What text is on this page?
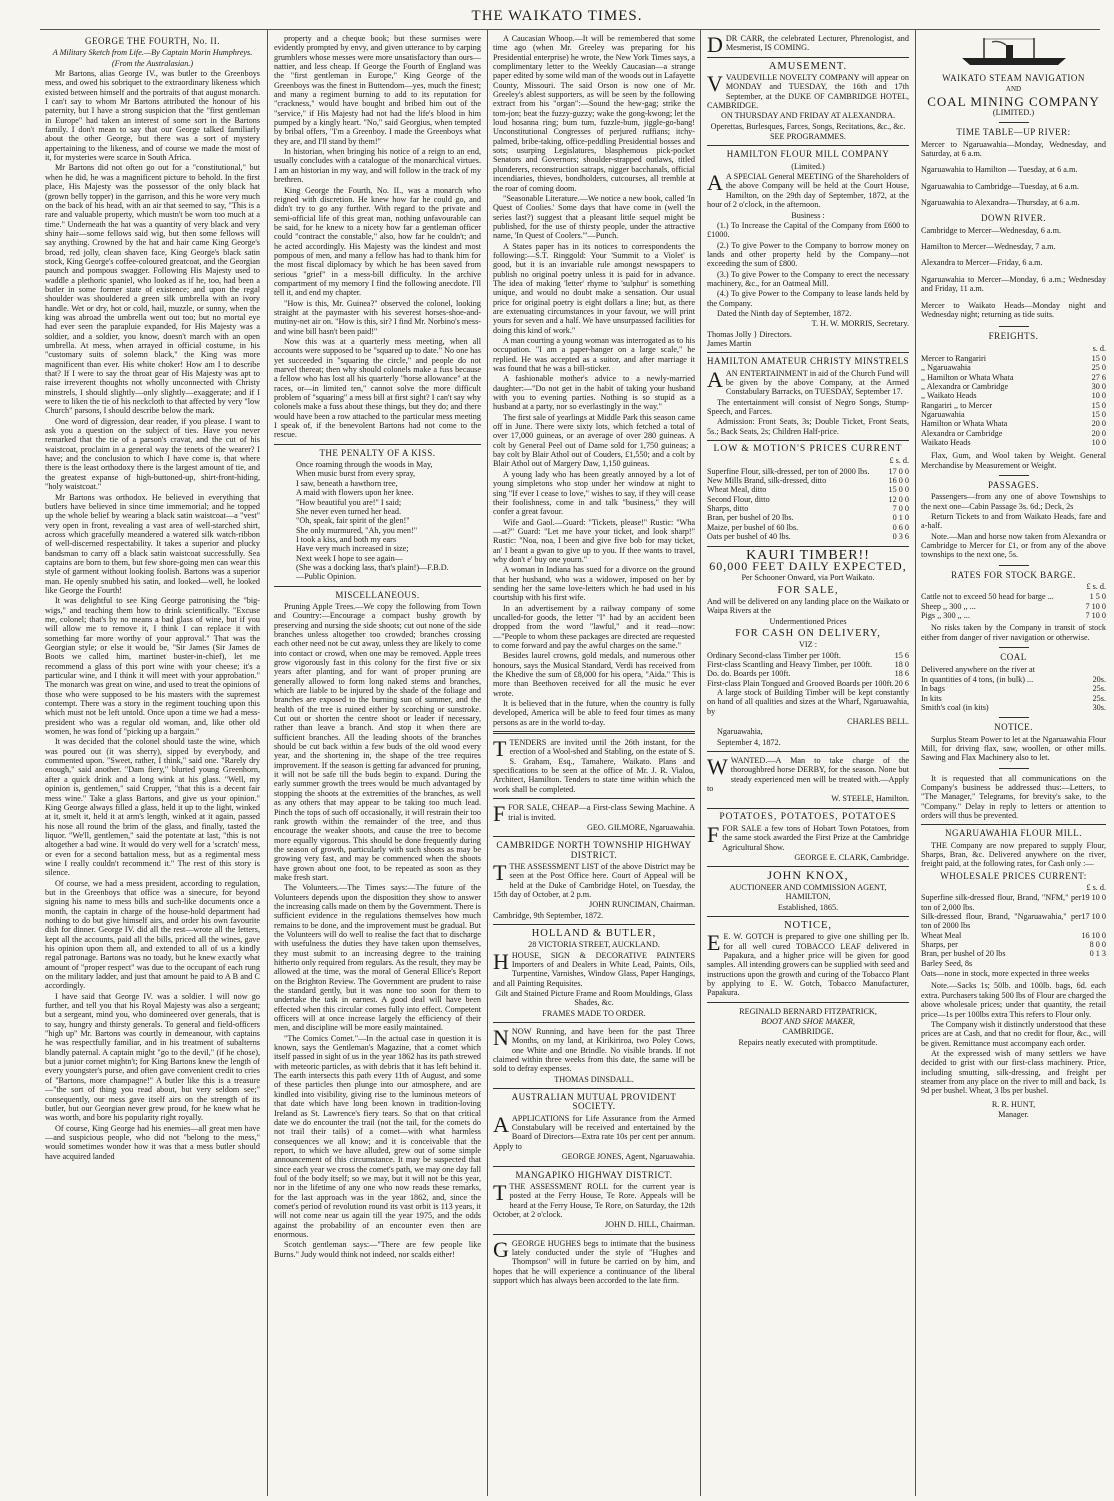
THE WAIKATO TIMES.

GEORGE THE FOURTH, No. II.

A Military Sketch from Life.—By Captain Morin Humphreys.

(From the Australasian.)

Mr Bartons, alias George IV., was butler to the Greenboys mess, and owed his sobriquet to the extraordinary likeness which existed between himself and the portraits of that august monarch. I can't say to whom Mr Bartons attributed the honour of his paternity, but I have a strong suspicion that the "first gentleman in Europe" had taken an interest of some sort in the Bartons family. I don't mean to say that our George talked familiarly about the other George, but there was a sort of mystery appertaining to the likeness, and of course we made the most of it, for mysteries were scarce in South Africa.

Mr Bartons did not often go out for a "constitutional," but when he did, he was a magnificent picture to behold. In the first place, His Majesty was the possessor of the only black hat (grown belly topper) in the garrison, and this he wore very much on the back of his head, with an air that seemed to say, "This is a rare and valuable property, which mustn't be worn too much at a time." Underneath the hat was a quantity of very black and very shiny hair—some fellows said wig, but then some fellows will say anything. Crowned by the hat and hair came King George's broad, red jolly, clean shaven face, King George's black satin stock, King George's coffee-coloured greatcoat, and the Georgian paunch and pompous swagger. Following His Majesty used to waddle a plethoric spaniel, who looked as if he, too, had been a butler in some former state of existence; and upon the regal shoulder was shouldered a green silk umbrella with an ivory handle. Wet or dry, hot or cold, hail, muzzle, or sunny, when the king was abroad the umbrella went out too; but no mortal eye had ever seen the parapluie expanded, for His Majesty was a soldier, and a soldier, you know, doesn't march with an open umbrella. At mess, when arrayed in official costume, in his "customary suits of solemn black," the King was more magnificent than ever. His white choker! How am I to describe that? If I were to say the throat gear of His Majesty was apt to raise irreverent thoughts not wholly unconnected with Christy minstrels, I should slightly—only slightly—exaggerate; and if I were to liken the tie of his neckcloth to that affected by very "low Church" parsons, I should describe below the mark.

One word of digression, dear reader, if you please. I want to ask you a question on the subject of ties. Have you never remarked that the tie of a parson's cravat, and the cut of his waistcoat, proclaim in a general way the tenets of the wearer? I have; and the conclusion to which I have come is, that where there is the least orthodoxy there is the largest amount of tie, and the greatest expanse of high-buttoned-up, shirt-front-hiding, "holy waistcoat."

Mr Bartons was orthodox. He believed in everything that butlers have believed in since time immemorial; and he topped up the whole belief by wearing a black satin waistcoat—a "vest" very open in front, revealing a vast area of well-starched shirt, across which gracefully meandered a watered silk watch-ribbon of well-discerned respectability. It takes a superior and plucky bandsman to carry off a black satin waistcoat successfully. Sea captains are born to them, but few shore-going men can wear this style of garment without looking foolish. Bartons was a superior man. He openly snubbed his satin, and looked—well, he looked like George the Fourth!

It was delightful to see King George patronising the "big-wigs," and teaching them how to drink scientifically. "Excuse me, colonel; that's by no means a bad glass of wine, but if you will allow me to remove it, I think I can replace it with something far more worthy of your approval." That was the Georgian style; or else it would be, "Sir James (Sir James de Boots we called him, martinet buster-in-chief), let me recommend a glass of this port wine with your cheese; it's a particular wine, and I think it will meet with your approbation." The monarch was great on wine, and used to treat the opinions of those who were supposed to be his masters with the supremest contempt. There was a story in the regiment touching upon this which must not be left untold. Once upon a time we had a mess-president who was a regular old woman, and, like other old women, he was fond of "picking up a bargain."

It was decided that the colonel should taste the wine, which was poured out (it was sherry), sipped by everybody, and commented upon. "Sweet, rather, I think," said one. "Rarely dry enough," said another. "Dam fiery," blurted young Greenhorn, after a quick drink and a long wink at his glass. "Well, my opinion is, gentlemen," said Crupper, "that this is a decent fair mess wine." Take a glass Bartons, and give us your opinion." King George always filled a glass, held it up to the light, winked at it, smelt it, held it at arm's length, winked at it again, passed his nose all round the brim of the glass, and finally, tasted the liquor. "We'll, gentlemen," said the potentate at last, "this is not altogether a bad wine. It would do very well for a 'scratch' mess, or even for a second battalion mess, but as a regimental mess wine I really couldn't recommend it." The rest of this story is silence.

Of course, we had a mess president, according to regulation, but in the Greenboys that office was a sinecure, for beyond signing his name to mess bills and such-like documents once a month, the captain in charge of the house-hold department had nothing to do but give himself airs, and order his own favourite dish for dinner. George IV. did all the rest—wrote all the letters, kept all the accounts, paid all the bills, priced all the wines, gave his opinion upon them all, and extended to all of us a kindly regal patronage. Bartons was no toady, but he knew exactly what amount of "proper respect" was due to the occupant of each rung on the military ladder, and just that amount he paid to A B and C accordingly.

I have said that George IV. was a soldier. I will now go further, and tell you that his Royal Majesty was also a sergeant; but a sergeant, mind you, who domineered over generals, that is to say, hungry and thirsty generals. To general and field-officers "high up" Mr. Bartons was courtly in demeanour, with captains he was respectfully familiar, and in his treatment of subalterns blandly paternal. A captain might "go to the devil," (if he chose), but a junior cornet mightn't; for King Bartons knew the length of every youngster's purse, and often gave convenient credit to cries of "Bartons, more champagne!" A butler like this is a treasure—"the sort of thing you read about, but very seldom see;" consequently, our mess gave itself airs on the strength of its butler, but our Georgian never grew proud, for he knew what he was worth, and bore his popularity right royally.

Of course, King George had his enemies—all great men have—and suspicious people, who did not "belong to the mess," would sometimes wonder how it was that a mess butler should have acquired landed

property and a cheque book; but these surmises were evidently prompted by envy, and given utterance to by carping grumblers whose messes were more unsatisfactory than ours—nattier, and less cheap. If George the Fourth of England was the "first gentleman in Europe," King George of the Greenboys was the finest in Buttendom—yes, much the finest; and many a regiment burning to add to its reputation for "crackness," would have bought and bribed him out of the "service," if His Majesty had not had the life's blood in him pumped by a kingly heart. "No," said Georgius, when tempted by bribal offers, "I'm a Greenboy. I made the Greenboys what they are, and I'll stand by them!"

In historian, when bringing his notice of a reign to an end, usually concludes with a catalogue of the monarchical virtues. I am an historian in my way, and will follow in the track of my brethren.

King George the Fourth, No. II., was a monarch who reigned with discretion. He knew how far he could go, and didn't try to go any further. With regard to the private and semi-official life of this great man, nothing unfavourable can be said, for he knew to a nicety how far a gentleman officer could "contract the constable," also, how far he couldn't; and he acted accordingly. His Majesty was the kindest and most pompous of men, and many a fellow has had to thank him for the most fiscal diplomacy by which he has been saved from serious "grief" in a mess-bill difficulty. In the archive compartment of my memory I find the following anecdote. I'll tell it, and end my chapter.

"How is this, Mr. Guinea?" observed the colonel, looking straight at the paymaster with his severest horses-shoe-and-mutiny-net air on. "How is this, sir? I find Mr. Norbino's mess-and wine bill hasn't been paid!"

Now this was at a quarterly mess meeting, when all accounts were supposed to be "squared up to date." No one has yet succeeded in "squaring the circle," and people do not marvel thereat; then why should colonels make a fuss because a fellow who has lost all his quarterly "horse allowance" at the races, or—in limited ten," cannot solve the more difficult problem of "squaring" a mess bill at first sight? I can't say why colonels make a fuss about these things, but they do; and there would have been a row attached to the particular mess meeting I speak of, if the benevolent Bartons had not come to the rescue.

THE PENALTY OF A KISS.

Once roaming through the woods in May,
When music burst from every spray,
I saw, beneath a hawthorn tree,
A maid with flowers upon her knee.
"How beautiful you are!" I said;
She never even turned her head.
"Oh, speak, fair spirit of the glen!"
She only murmured, "Ah, you men!"
I took a kiss, and both my ears
Have very much increased in size;
Next week I hope to see again—
(She was a docking lass, that's plain!)—F.B.D.
—Public Opinion.

MISCELLANEOUS.

Pruning Apple Trees.—We copy the following from Town and Country:—Encourage a compact bushy growth by preserving and nursing the side shoots; cut out none of the side branches unless altogether too crowded; branches crossing each other need not be cut away, unless they are likely to come into contact or crowd, when one may be removed. Apple trees grow vigorously fast in this colony for the first five or six years after planting, and for want of proper pruning are generally allowed to form long naked stems and branches, which are liable to be injured by the shade of the foliage and branches are exposed to the burning sun of summer, and the health of the tree is ruined either by scorching or sunstroke. Cut out or shorten the centre shoot or leader if necessary, rather than leave a branch. And stop it when there are sufficient branches. All the leading shoots of the branches should be cut back within a few buds of the old wood every year, and the shortening in, the shape of the tree requires improvement. If the season is getting far advanced for pruning, it will not be safe till the buds begin to expand. During the early summer growth the trees would be much advantaged by stopping the shoots at the extremities of the branches, as well as any others that may appear to be taking too much lead. Pinch the tops of such off occasionally, it will restrain their too rank growth within the remainder of the tree, and thus encourage the weaker shoots, and cause the tree to become more equally vigorous. This should be done frequently during the season of growth, particularly with such shoots as may be growing very fast, and may be commenced when the shoots have grown about one foot, to be repeated as soon as they make fresh start.

The Volunteers.—The Times says:—The future of the Volunteers depends upon the disposition they show to answer the increasing calls made on them by the Government. There is sufficient evidence in the regulations themselves how much remains to be done, and the improvement must be gradual. But the Volunteers will do well to realise the fact that to discharge with usefulness the duties they have taken upon themselves, they must submit to an increasing degree to the training hitherto only required from regulars. As the result, they may be allowed at the time, was the moral of General Ellice's Report on the Brighton Review. The Government are prudent to raise the standard gently, but it was none too soon for them to undertake the task in earnest. A good deal will have been effected when this circular comes fully into effect. Competent officers will at once increase largely the efficiency of their men, and discipline will be more easily maintained.

"The Comics Comet."—In the actual case in question it is known, says the Gentleman's Magazine, that a comet which itself passed in sight of us in the year 1862 has its path strewed with meteoric particles, as with debris that it has left behind it. The earth intersects this path every 11th of August, and some of these particles then plunge into our atmosphere, and are kindled into visibility, giving rise to the luminous meteors of that date which have long been known in tradition-loving Ireland as St. Lawrence's fiery tears. So that on that critical date we do encounter the trail (not the tail, for the comets do not trail their tails) of a comet—with what harmless consequences we all know; and it is conceivable that the report, to which we have alluded, grew out of some simple announcement of this circumstance. It may be suspected that since each year we cross the comet's path, we may one day fall foul of the body itself; so we may, but it will not be this year, nor in the lifetime of any one who now reads these remarks, for the last approach was in the year 1862, and, since the comet's period of revolution round its vast orbit is 113 years, it will not come near us again till the year 1975, and the odds against the probability of an encounter even then are enormous.

Scotch gentleman says:—"There are few people like Burns." Judy would think not indeed, nor scalds either!

A Caucasian Whoop.—It will be remembered that some time ago (when Mr. Greeley was preparing for his Presidential enterprise) he wrote, the New York Times says, a complimentary letter to the Weekly Caucasian—a strange paper edited by some wild man of the woods out in Lafayette County, Missouri. The said Orson is now one of Mr. Greeley's ablest supporters, as will be seen by the following extract from his "organ":—Sound the hew-gag; strike the tom-jon; beat the fuzzy-guzzy; wake the gong-kwong; let the loud hosanna ring; bum tum, fuzzle-bum, jiggle-go-bang! Unconstitutional Congresses of perjured ruffians; itchy-palmed, bribe-taking, office-peddling Presidential bosses and sots; usurping Legislatures, blasphemous pick-pocket Senators and Governors; shoulder-strapped outlaws, titled plunderers, reconstruction satraps, nigger bacchanals, official incendiaries, thieves, bondholders, cutcourses, all tremble at the roar of coming doom.

"Seasonable Literature.—We notice a new book, called 'In Quest of Coolies.' Some days that have come in (well the series last?) suggest that a pleasant little sequel might be published, for the use of thirsty people, under the attractive name, 'In Quest of Coolers.'"—Punch.

A States paper has in its notices to correspondents the following:—S.T. Ringgold: Your 'Summit to a Violet' is good, but it is an invariable rule amongst newspapers to publish no original poetry unless it is paid for in advance. The idea of making 'letter' rhyme to 'sulphur' is something unique, and would no doubt make a sensation. Our usual price for original poetry is eight dollars a line; but, as there are extenuating circumstances in your favour, we will print yours for seven and a half. We have unsurpassed facilities for doing this kind of work."

A man courting a young woman was interrogated as to his occupation. "I am a paper-hanger on a large scale," he replied. He was accepted as a suitor, and after marriage it was found that he was a bill-sticker.

A fashionable mother's advice to a newly-married daughter:—"Do not get in the habit of taking your husband with you to evening parties. Nothing is so stupid as a husband at a party, nor so everlastingly in the way."

The first sale of yearlings at Middle Park this season came off in June. There were sixty lots, which fetched a total of over 17,000 guineas, or an average of over 280 guineas. A colt by General Peel out of Dame sold for 1,750 guineas; a bay colt by Blair Athol out of Couders, £1,550; and a colt by Blair Athol out of Margery Daw, 1,150 guineas.

A young lady who has been greatly annoyed by a lot of young simpletons who stop under her window at night to sing "If ever I cease to love," wishes to say, if they will cease their foolishness, come in and talk "business," they will confer a great favour.

Wife and Gaol.—Guard: "Tickets, please!" Rustic: "Wha—at?" Guard: "Let me have your ticket, and look sharp!" Rustic: "Noa, noa, I been and give five bob for may ticket, an' I beant a gwan to give up to you. If thee wants to travel, why don't e' buy one yourn."

A woman in Indiana has sued for a divorce on the ground that her husband, who was a widower, imposed on her by sending her the same love-letters which he had used in his courtship with his first wife.

In an advertisement by a railway company of some uncalled-for goods, the letter "l" had by an accident been dropped from the word "lawful," and it read—now:—"People to whom these packages are directed are requested to come forward and pay the awful charges on the same."

Besides laurel crowns, gold medals, and numerous other honours, says the Musical Standard, Verdi has received from the Khedive the sum of £8,000 for his opera, "Aida." This is more than Beethoven received for all the music he ever wrote.

It is believed that in the future, when the country is fully developed, America will be able to feed four times as many persons as are in the world to-day.

TTENDERS are invited until the 26th instant, for the erection of a Wool-shed and Stabling, on the estate of S. S. Graham, Esq., Tamahere, Waikato. Plans and specifications to be seen at the office of Mr. J. R. Vialou, Architect, Hamilton. Tenders to state time within which the work shall be completed.

FFOR SALE, CHEAP—a First-class Sewing Machine. A trial is invited.

GEO. GILMORE, Ngaruawahia.

CAMBRIDGE NORTH TOWNSHIP HIGHWAY DISTRICT.

TTHE ASSESSMENT LIST of the above District may be seen at the Post Office here. Court of Appeal will be held at the Duke of Cambridge Hotel, on Tuesday, the 15th day of October, at 2 p.m.

JOHN RUNCIMAN, Chairman.

Cambridge, 9th September, 1872.

HOLLAND & BUTLER,

28 VICTORIA STREET, AUCKLAND.

HHOUSE, SIGN & DECORATIVE PAINTERS Importers of and Dealers in White Lead, Paints, Oils, Turpentine, Varnishes, Window Glass, Paper Hangings, and all Painting Requisites.

Gilt and Stained Picture Frame and Room Mouldings, Glass Shades, &c.

FRAMES MADE TO ORDER.

NNOW Running, and have been for the past Three Months, on my land, at Kirikiriroa, two Poley Cows, one White and one Brindle. No visible brands. If not claimed within three weeks from this date, the same will be sold to defray expenses.

THOMAS DINSDALL.

AUSTRALIAN MUTUAL PROVIDENT SOCIETY.

AAPPLICATIONS for Life Assurance from the Armed Constabulary will be received and entertained by the Board of Directors—Extra rate 10s per cent per annum. Apply to

GEORGE JONES, Agent, Ngaruawahia.

MANGAPIKO HIGHWAY DISTRICT.

TTHE ASSESSMENT ROLL for the current year is posted at the Ferry House, Te Rore. Appeals will be heard at the Ferry House, Te Rore, on Saturday, the 12th October, at 2 o'clock.

JOHN D. HILL, Chairman.

GGEORGE HUGHES begs to intimate that the business lately conducted under the style of "Hughes and Thompson" will in future be carried on by him, and hopes that he will experience a continuance of the liberal support which has always been accorded to the late firm.

DDR CARR, the celebrated Lecturer, Phrenologist, and Mesmerist, IS COMING.

AMUSEMENT.

VVAUDEVILLE NOVELTY COMPANY will appear on MONDAY and TUESDAY, the 16th and 17th September, at the DUKE OF CAMBRIDGE HOTEL, CAMBRIDGE.

ON THURSDAY AND FRIDAY AT ALEXANDRA.

Operettas, Burlesques, Farces, Songs, Recitations, &c., &c.

SEE PROGRAMMES.

HAMILTON FLOUR MILL COMPANY

(Limited.)

A A SPECIAL General MEETING of the Shareholders of the above Company will be held at the Court House, Hamilton, on the 29th day of September, 1872, at the hour of 2 o'clock, in the afternoon.

Business :

(1.) To Increase the Capital of the Company from £600 to £1000.

(2.) To give Power to the Company to borrow money on lands and other property held by the Company—not exceeding the sum of £800.

(3.) To give Power to the Company to erect the necessary machinery, &c., for an Oatmeal Mill.

(4.) To give Power to the Company to lease lands held by the Company.

Dated the Ninth day of September, 1872.

T. H. W. MORRIS, Secretary.

Thomas Jolly } Directors.
James Martin

HAMILTON AMATEUR CHRISTY MINSTRELS

AAN ENTERTAINMENT in aid of the Church Fund will be given by the above Company, at the Armed Constabulary Barracks, on TUESDAY, September 17.

The entertainment will consist of Negro Songs, Stump-Speech, and Farces.

Admission: Front Seats, 3s; Double Ticket, Front Seats, 5s.; Back Seats, 2s; Children Half-price.

LOW & MOTION'S PRICES CURRENT

£ s. d.

Superfine Flour, silk-dressed, per ton of 2000 lbs.	17 0 0
New Mills Brand, silk-dressed, ditto	16 0 0
Wheat Meal, ditto	15 0 0
Second Flour, ditto	12 0 0
Sharps, ditto	7 0 0
Bran, per bushel of 20 lbs.	0 1 0
Maize, per bushel of 60 lbs.	0 6 0
Oats per bushel of 40 lbs.	0 3 6

KAURI TIMBER!!

60,000 FEET DAILY EXPECTED,

Per Schooner Onward, via Port Waikato.

FOR SALE,

And will be delivered on any landing place on the Waikato or Waipa Rivers at the

Undermentioned Prices

FOR CASH ON DELIVERY,

VIZ :

Ordinary Second-class Timber per 100ft.	15 6
First-class Scantling and Heavy Timber, per 100ft.	18 0
Do. do. Boards per 100ft.	18 6
First-class Plain Tongued and Grooved Boards per 100ft.	20 6

A large stock of Building Timber will be kept constantly on hand of all qualities and sizes at the Wharf, Ngaruawahia, by

CHARLES BELL.

Ngaruawahia,

September 4, 1872.

WWANTED.—A Man to take charge of the thoroughbred horse DERBY, for the season. None but steady experienced men will be treated with.—Apply to

W. STEELE, Hamilton.

POTATOES, POTATOES, POTATOES

FFOR SALE a few tons of Hobart Town Potatoes, from the same stock awarded the First Prize at the Cambridge Agricultural Show.

GEORGE E. CLARK, Cambridge.

JOHN KNOX,

AUCTIONEER AND COMMISSION AGENT, HAMILTON,

Established, 1865.

NOTICE,

E E. W. GOTCH is prepared to give one shilling per lb. for all well cured TOBACCO LEAF delivered in Papakura, and a higher price will be given for good samples. All intending growers can be supplied with seed and instructions upon the growth and curing of the Tobacco Plant by applying to E. W. Gotch, Tobacco Manufacturer, Papakura.

REGINALD BERNARD FITZPATRICK,

BOOT AND SHOE MAKER,

CAMBRIDGE.

Repairs neatly executed with promptitude.

WAIKATO STEAM NAVIGATION

AND

COAL MINING COMPANY

(LIMITED.)

TIME TABLE—UP RIVER:

Mercer to Ngaruawahia—Monday, Wednesday, and Saturday, at 6 a.m.

Ngaruawahia to Hamilton — Tuesday, at 6 a.m.

Ngaruawahia to Cambridge—Tuesday, at 6 a.m.

Ngaruawahia to Alexandra—Thursday, at 6 a.m.

DOWN RIVER.

Cambridge to Mercer—Wednesday, 6 a.m.

Hamilton to Mercer—Wednesday, 7 a.m.

Alexandra to Mercer—Friday, 6 a.m.

Ngaruawahia to Mercer—Monday, 6 a.m.; Wednesday and Friday, 11 a.m.

Mercer to Waikato Heads—Monday night and Wednesday night; returning as tide suits.

FREIGHTS.

s. d.

Mercer to Rangariri	15 0
,, Ngaruawahia	25 0
,, Hamilton or Whata Whata	27 6
,, Alexandra or Cambridge	30 0
,, Waikato Heads	10 0
Rangariri ,, to Mercer	15 0
Ngaruawahia	15 0
Hamilton or Whata Whata	20 0
Alexandra or Cambridge	20 0
Waikato Heads	10 0

Flax, Gum, and Wool taken by Weight. General Merchandise by Measurement or Weight.

PASSAGES.

Passengers—from any one of above Townships to the next one—Cabin Passage 3s. 6d.; Deck, 2s

Return Tickets to and from Waikato Heads, fare and a-half.

Note.—Man and horse now taken from Alexandra or Cambridge to Mercer for £1, or from any of the above townships to the next one, 5s.

RATES FOR STOCK BARGE.

£ s. d.

Cattle not to exceed 50 head for barge ...	1 5 0
Sheep ,, 300 ,, ...	7 10 0
Pigs ,, 300 ,, ...	7 10 0

No risks taken by the Company in transit of stock either from danger of river navigation or otherwise.

COAL

Delivered anywhere on the river at

In quantities of 4 tons, (in bulk) ...	20s.
In bags	25s.
In kits	25s.
Smith's coal (in kits)	30s.

NOTICE.

Surplus Steam Power to let at the Ngaruawahia Flour Mill, for driving flax, saw, woollen, or other mills. Sawing and Flax Machinery also to let.

It is requested that all communications on the Company's business be addressed thus:—Letters, to "The Manager," Telegrams, for brevity's sake, to the "Company." Delay in reply to letters or attention to orders will thus be prevented.

NGARUAWAHIA FLOUR MILL.

THE Company are now prepared to supply Flour, Sharps, Bran, &c. Delivered anywhere on the river, freight paid, at the following rates, for Cash only :—

WHOLESALE PRICES CURRENT:

£ s. d.

Superfine silk-dressed flour, Brand, "NFM," per ton of 2,000 lbs.	19 10 0
Silk-dressed flour, Brand, "Ngaruawahia," per ton of 2000 lbs	17 10 0
Wheat Meal	16 10 0
Sharps, per	8 0 0
Bran, per bushel of 20 lbs	0 1 3

Barley Seed, 8s

Oats—none in stock, more expected in three weeks

Note.—Sacks 1s; 50lb. and 100lb. bags, 6d. each extra. Purchasers taking 500 lbs of Flour are charged the above wholesale prices; under that quantity, the retail price—1s per 100lbs extra This refers to Flour only.

The Company wish it distinctly understood that these prices are at Cash, and that no credit for flour, &c., will be given. Remittance must accompany each order.

At the expressed wish of many settlers we have decided to grist with our first-class machinery. Price, including smutting, silk-dressing, and freight per steamer from any place on the river to mill and back, 1s 9d per bushel. Wheat, 3 lbs per bushel.

R. R. HUNT,

Manager.
